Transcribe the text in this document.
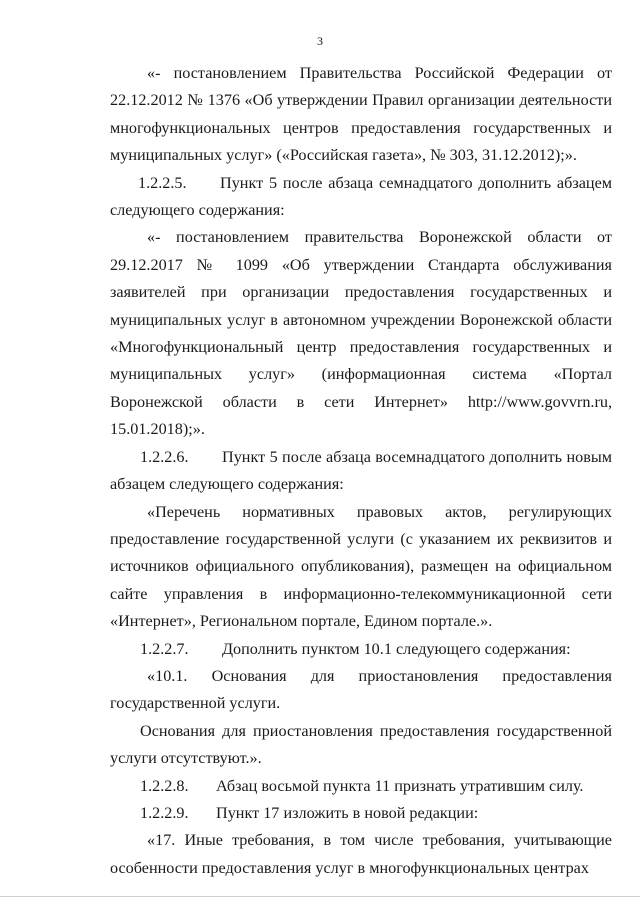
3

«- постановлением Правительства Российской Федерации от 22.12.2012 № 1376 «Об утверждении Правил организации деятельности многофункциональных центров предоставления государственных и муниципальных услуг» («Российская газета», № 303, 31.12.2012);».

1.2.2.5. Пункт 5 после абзаца семнадцатого дополнить абзацем следующего содержания:

«- постановлением правительства Воронежской области от 29.12.2017 № 1099 «Об утверждении Стандарта обслуживания заявителей при организации предоставления государственных и муниципальных услуг в автономном учреждении Воронежской области «Многофункциональный центр предоставления государственных и муниципальных услуг» (информационная система «Портал Воронежской области в сети Интернет» http://www.govvrn.ru, 15.01.2018);».

1.2.2.6. Пункт 5 после абзаца восемнадцатого дополнить новым абзацем следующего содержания:

«Перечень нормативных правовых актов, регулирующих предоставление государственной услуги (с указанием их реквизитов и источников официального опубликования), размещен на официальном сайте управления в информационно-телекоммуникационной сети «Интернет», Региональном портале, Едином портале.».

1.2.2.7. Дополнить пунктом 10.1 следующего содержания:

«10.1. Основания для приостановления предоставления государственной услуги.

Основания для приостановления предоставления государственной услуги отсутствуют.».

1.2.2.8. Абзац восьмой пункта 11 признать утратившим силу.

1.2.2.9. Пункт 17 изложить в новой редакции:

«17. Иные требования, в том числе требования, учитывающие особенности предоставления услуг в многофункциональных центрах
